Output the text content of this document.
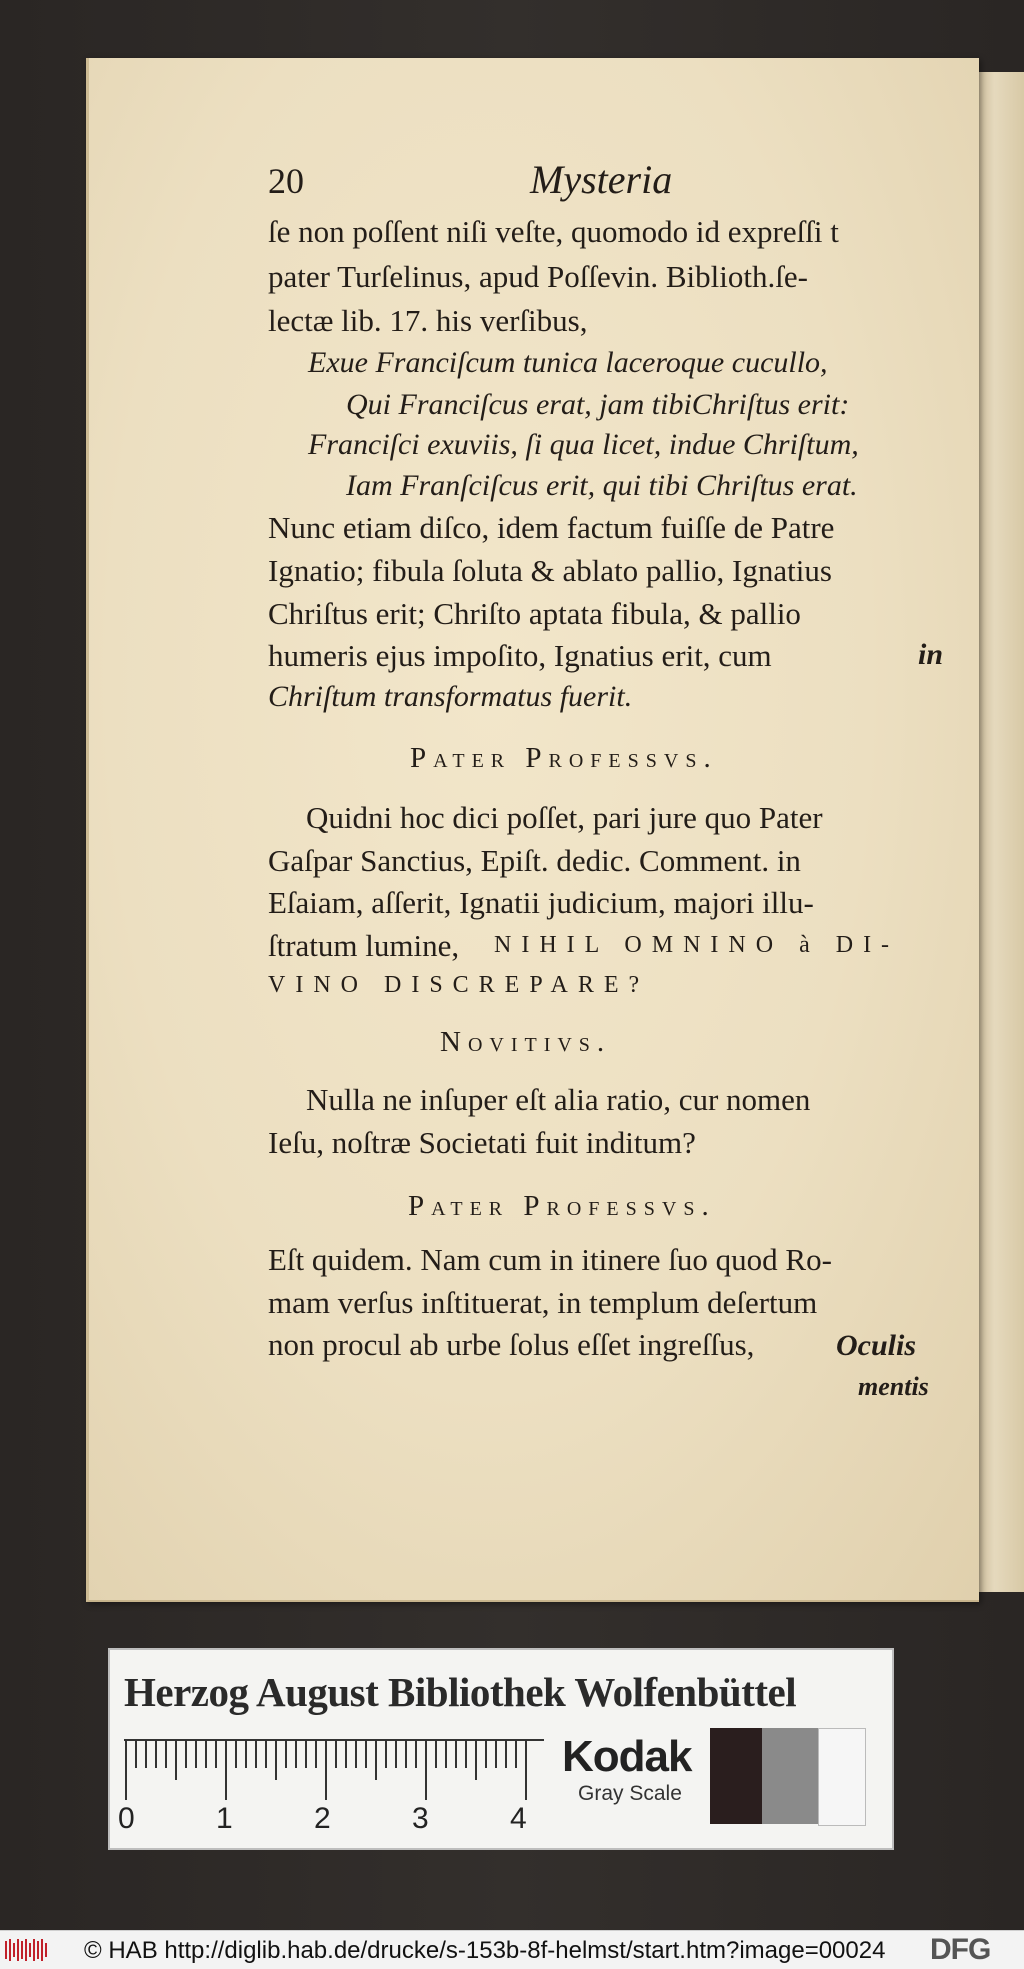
20	Mysteria
ſe non poſſent niſi veſte, quomodo id expreſſi t
pater Turſelinus, apud Poſſevin. Biblioth.ſe-
lectæ lib. 17. his verſibus,
Exue Franciſcum tunica laceroque cucullo,
Qui Franciſcus erat, jam tibiChriſtus erit:
Franciſci exuviis, ſi qua licet, indue Chriſtum,
Iam Franſciſcus erit, qui tibi Chriſtus erat.
Nunc etiam diſco, idem factum fuiſſe de Patre
Ignatio; fibula ſoluta & ablato pallio, Ignatius
Chriſtus erit; Chriſto aptata fibula, & pallio
humeris ejus impoſito, Ignatius erit, cum	in
Chriſtum transformatus fuerit.
Pater Professvs.
Quidni hoc dici poſſet, pari jure quo Pater
Gaſpar Sanctius, Epiſt. dedic. Comment. in
Eſaiam, aſſerit, Ignatii judicium, majori illu-
ſtratum lumine, NIHIL OMNINO à DI-
VINO DISCREPARE?
Novitivs.
Nulla ne inſuper eſt alia ratio, cur nomen
Ieſu, noſtræ Societati fuit inditum?
Pater Professvs.
Eſt quidem. Nam cum in itinere ſuo quod Ro-
mam verſus inſtituerat, in templum deſertum
non procul ab urbe ſolus eſſet ingreſſus,	Oculis
mentis
Herzog August Bibliothek Wolfenbüttel
0	1	2	3	4
Kodak
Gray Scale
© HAB http://diglib.hab.de/drucke/s-153b-8f-helmst/start.htm?image=00024 DFG
